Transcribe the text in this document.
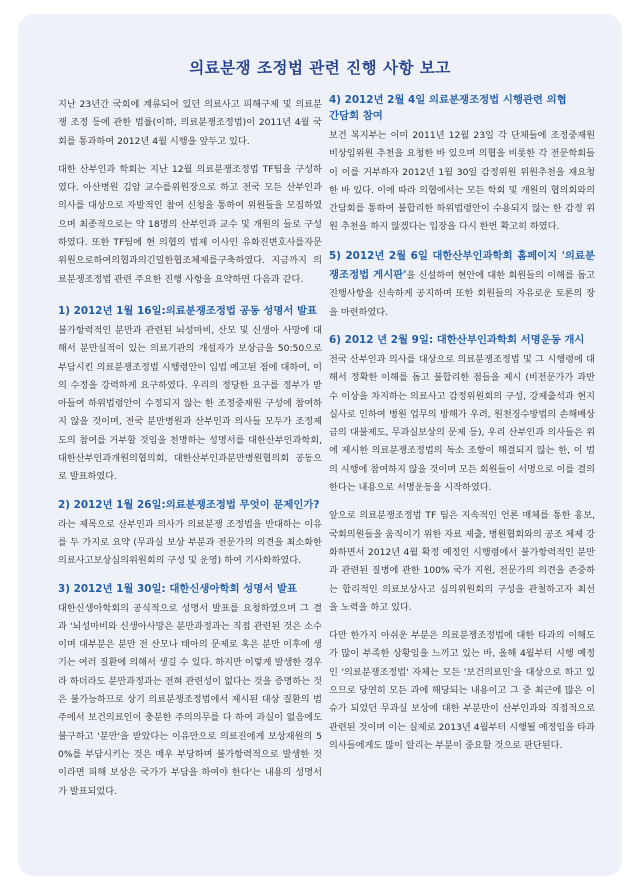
의료분쟁 조정법 관련 진행 사항 보고

지난 23년간 국회에 계류되어 있던 의료사고 피해구제 및 의료분쟁 조정 등에 관한 법률(이하, 의료분쟁조정법)이 2011년 4월 국회를 통과하여 2012년 4월 시행을 앞두고 있다.

대한 산부인과 학회는 지난 12월 의료분쟁조정법 TF팀을 구성하였다. 아산병원 김암 교수를위원장으로 하고 전국 모든 산부인과 의사를 대상으로 자발적인 참여 신청을 통하여 위원들을 모집하였으며 최종적으로는 약 18명의 산부인과 교수 및 개원의 들로 구성하였다. 또한 TF팀에 현 의협의 법제 이사인 유화진변호사를자문위원으로하여의협과의긴밀한협조체제를구축하였다. 지금까지 의료분쟁조정법 관련 주요한 진행 사항을 요약하면 다음과 같다.

1) 2012년 1월 16일:의료분쟁조정법 공동 성명서 발표

불가항력적인 분만과 관련된 뇌성마비, 산모 및 신생아 사망에 대해서 분만실적이 있는 의료기관의 개설자가 보상금을 50:50으로 부담시킨 의료분쟁조정법 시행령안이 입법 예고된 점에 대하여, 이의 수정을 강력하게 요구하였다. 우리의 정당한 요구를 정부가 받아들여 하위법령안이 수정되지 않는 한 조정중재원 구성에 참여하지 않을 것이며, 전국 분만병원과 산부인과 의사들 모두가 조정제도의 참여를 거부할 것임을 천명하는 성명서를 대한산부인과학회, 대한산부인과개원의협의회, 대한산부인과분만병원협의회 공동으로 발표하였다.

2) 2012년 1월 26일:의료분쟁조정법 무엇이 문제인가?

라는 제목으로 산부인과 의사가 의료분쟁 조정법을 반대하는 이유를 두 가지로 요약 (무과실 보상 부분과 전문가의 의견을 최소화한 의료사고보상심의위원회의 구성 및 운영) 하여 기사화하였다.

3) 2012년 1월 30일: 대한신생아학회 성명서 발표

대한신생아학회의 공식적으로 성명서 발표를 요청하였으며 그 결과 '뇌성마비와 신생아사망은 분만과정과는 직접 관련된 것은 소수이며 대부분은 분만 전 산모나 태아의 문제로 혹은 분만 이후에 생기는 여러 질환에 의해서 생길 수 있다. 하지만 이렇게 발생한 경우라 하더라도 분만과정과는 전혀 관련성이 없다는 것을 증명하는 것은 불가능하므로 상기 의료분쟁조정법에서 제시된 대상 질환의 범주에서 보건의료인이 충분한 주의의무를 다 하여 과실이 없음에도 불구하고 '분만'을 받았다는 이유만으로 의료진에게 보상재원의 50%를 부담시키는 것은 매우 부당하며 불가항력적으로 발생한 것이라면 피해 보상은 국가가 부담을 하여야 한다'는 내용의 성명서가 발표되었다.

4) 2012년 2월 4일 의료분쟁조정법 시행관련 의협 간담회 참여

보건 복지부는 이미 2011년 12월 23일 각 단체들에 조정중재원 비상임위원 추천을 요청한 바 있으며 의협을 비롯한 각 전문학회들이 이를 거부하자 2012년 1월 30일 감정위원 위원추천을 재요청한 바 있다. 이에 따라 의협에서는 모든 학회 및 개원의 협의회와의 간담회를 통하여 불합리한 하위법령안이 수용되지 않는 한 감정 위원 추천을 하지 않겠다는 입장을 다시 한번 확고히 하였다.

5) 2012년 2월 6일 대한산부인과학회 홈페이지 '의료분쟁조정법 게시판'을 신설하여 현안에 대한 회원들의 이해를 돕고 진행사항을 신속하게 공지하며 또한 회원들의 자유로운 토론의 장을 마련하였다.

6) 2012 년 2월 9일: 대한산부인과학회 서명운동 개시

전국 산부인과 의사를 대상으로 의료분쟁조정법 및 그 시행령에 대해서 정확한 이해를 돕고 불합리한 점들을 제시 (비전문가가 과반수 이상을 차지하는 의료사고 감정위원회의 구성, 강제출석과 현지실사로 인하여 병원 업무의 방해가 우려, 원천징수방법의 손해배상금의 대불제도, 무과실보상의 문제 등), 우리 산부인과 의사들은 위에 제시한 의료분쟁조정법의 독소 조항이 해결되지 않는 한, 이 법의 시행에 참여하지 않을 것이며 모든 회원들이 서명으로 이를 결의한다는 내용으로 서명운동을 시작하였다.

앞으로 의료분쟁조정법 TF 팀은 지속적인 언론 매체를 통한 홍보, 국회의원들을 움직이기 위한 자료 제출, 병원협회와의 공조 체제 강화하면서 2012년 4월 확정 예정인 시행령에서 불가항력적인 분만과 관련된 질병에 관한 100% 국가 지원, 전문가의 의견을 존중하는 합리적인 의료보상사고 심의위원회의 구성을 관철하고자 최선을 노력을 하고 있다.

다만 한가지 아쉬운 부분은 의료분쟁조정법에 대한 타과의 이해도가 많이 부족한 상황임을 느끼고 있는 바, 올해 4월부터 시행 예정인 '의료분쟁조정법' 자체는 모든 '보건의료인'을 대상으로 하고 있으므로 당연히 모든 과에 해당되는 내용이고 그 중 최근에 많은 이슈가 되었던 무과실 보상에 대한 부분만이 산부인과와 직접적으로 관련된 것이며 이는 실제로 2013년 4월부터 시행될 예정임을 타과 의사들에게도 많이 알리는 부분이 중요할 것으로 판단된다.
